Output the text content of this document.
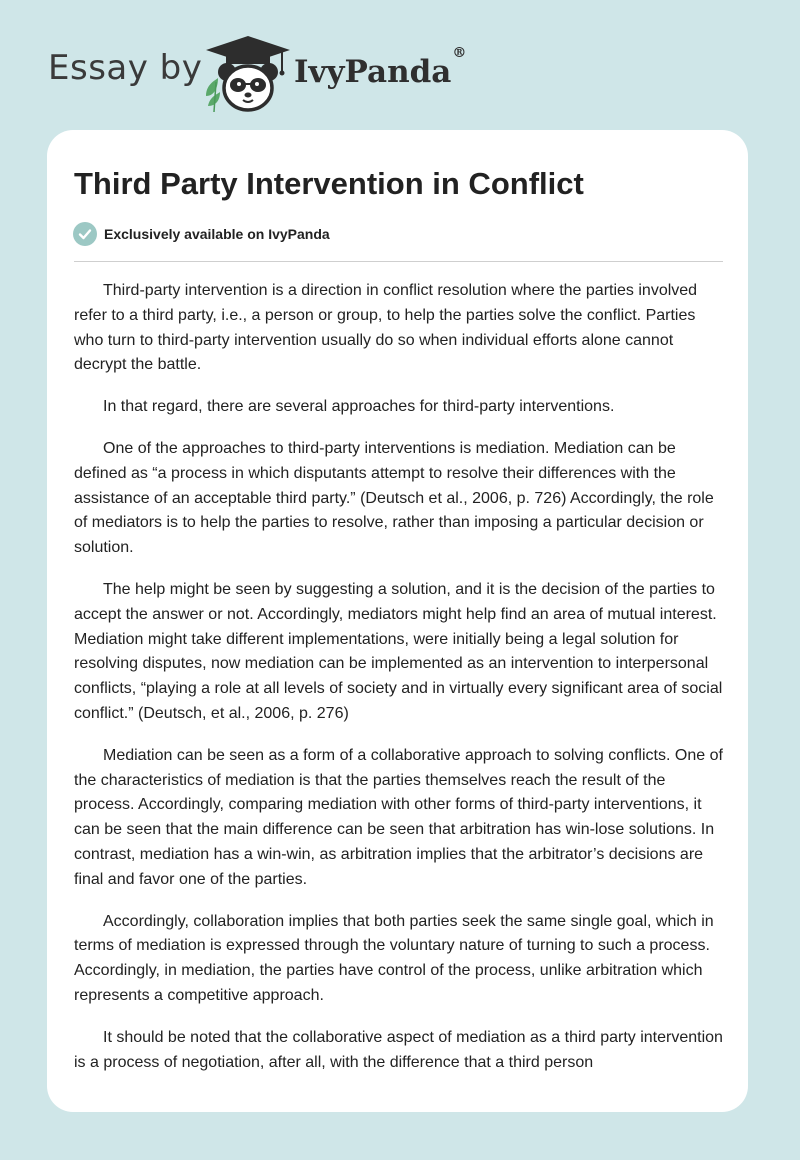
Essay by	IvyPanda®
Third Party Intervention in Conflict
Exclusively available on IvyPanda

Third-party intervention is a direction in conflict resolution where the parties involved refer to a third party, i.e., a person or group, to help the parties solve the conflict. Parties who turn to third-party intervention usually do so when individual efforts alone cannot decrypt the battle.

In that regard, there are several approaches for third-party interventions.

One of the approaches to third-party interventions is mediation. Mediation can be defined as “a process in which disputants attempt to resolve their differences with the assistance of an acceptable third party.” (Deutsch et al., 2006, p. 726) Accordingly, the role of mediators is to help the parties to resolve, rather than imposing a particular decision or solution.

The help might be seen by suggesting a solution, and it is the decision of the parties to accept the answer or not. Accordingly, mediators might help find an area of mutual interest. Mediation might take different implementations, were initially being a legal solution for resolving disputes, now mediation can be implemented as an intervention to interpersonal conflicts, “playing a role at all levels of society and in virtually every significant area of social conflict.” (Deutsch, et al., 2006, p. 276)

Mediation can be seen as a form of a collaborative approach to solving conflicts. One of the characteristics of mediation is that the parties themselves reach the result of the process. Accordingly, comparing mediation with other forms of third-party interventions, it can be seen that the main difference can be seen that arbitration has win-lose solutions. In contrast, mediation has a win-win, as arbitration implies that the arbitrator’s decisions are final and favor one of the parties.

Accordingly, collaboration implies that both parties seek the same single goal, which in terms of mediation is expressed through the voluntary nature of turning to such a process. Accordingly, in mediation, the parties have control of the process, unlike arbitration which represents a competitive approach.

It should be noted that the collaborative aspect of mediation as a third party intervention is a process of negotiation, after all, with the difference that a third person
